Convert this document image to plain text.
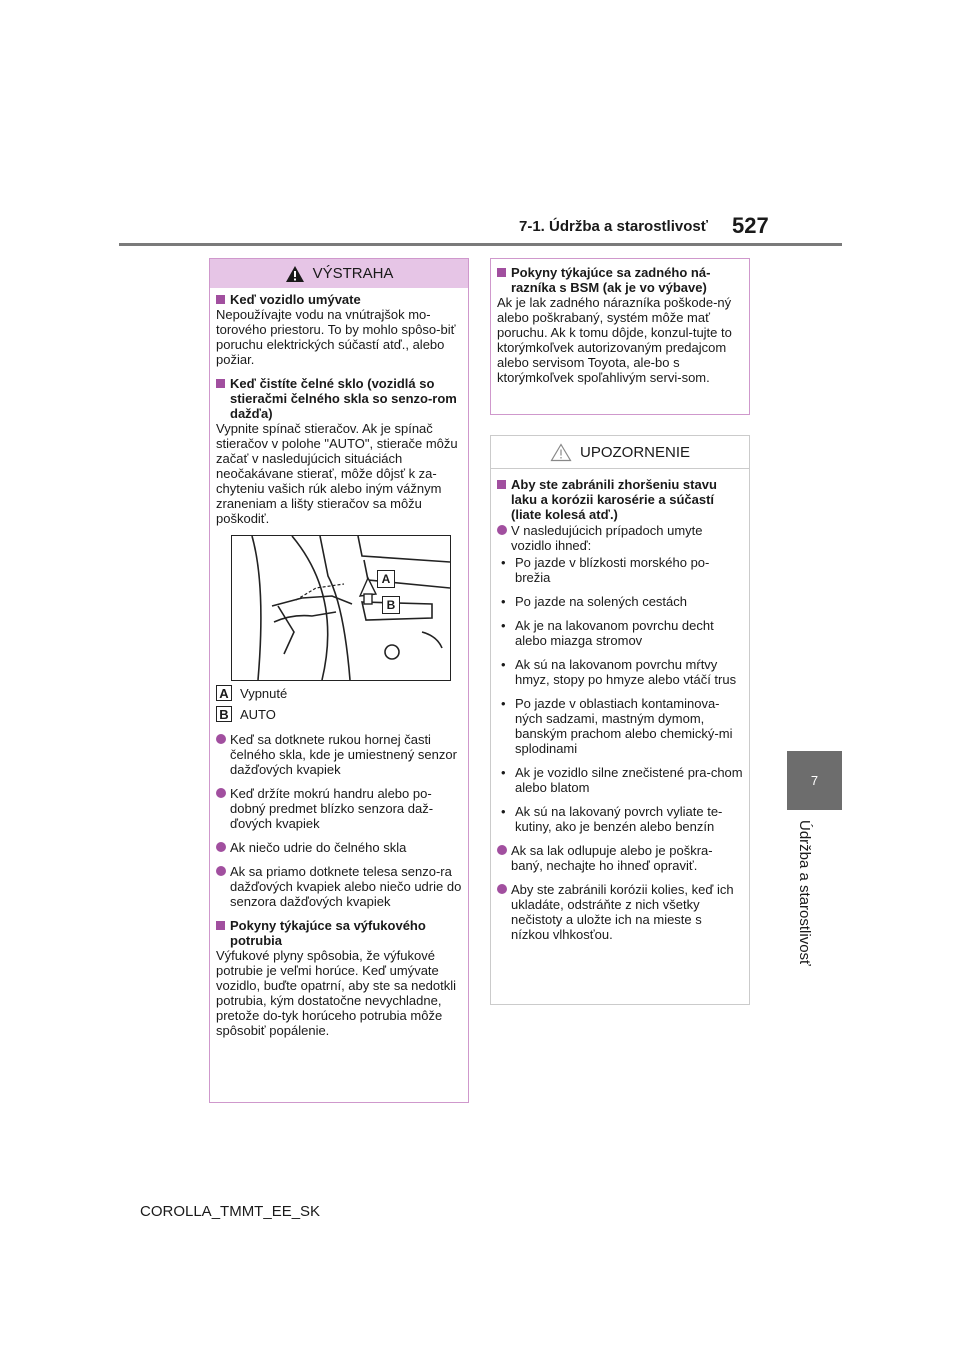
7-1. Údržba a starostlivosť 527
7
Údržba a starostlivosť
VÝSTRAHA
Keď vozidlo umývate

Nepoužívajte vodu na vnútrajšok mo-torového priestoru. To by mohlo spôso-biť poruchu elektrických súčastí atď., alebo požiar.

Keď čistíte čelné sklo (vozidlá so stieračmi čelného skla so senzo-rom dažďa)

Vypnite spínač stieračov. Ak je spínač stieračov v polohe "AUTO", stierače môžu začať v nasledujúcich situáciách neočakávane stierať, môže dôjsť k za-chyteniu vašich rúk alebo iným vážnym zraneniam a lišty stieračov sa môžu poškodiť.

A
B
A Vypnuté
B AUTO
Keď sa dotknete rukou hornej časti čelného skla, kde je umiestnený senzor dažďových kvapiek
Keď držíte mokrú handru alebo po-dobný predmet blízko senzora daž-ďových kvapiek
Ak niečo udrie do čelného skla
Ak sa priamo dotknete telesa senzo-ra dažďových kvapiek alebo niečo udrie do senzora dažďových kvapiek
Pokyny týkajúce sa výfukového potrubia

Výfukové plyny spôsobia, že výfukové potrubie je veľmi horúce. Keď umývate vozidlo, buďte opatrní, aby ste sa nedotkli potrubia, kým dostatočne nevychladne, pretože do-tyk horúceho potrubia môže spôsobiť popálenie.

Pokyny týkajúce sa zadného ná-razníka s BSM (ak je vo výbave)

Ak je lak zadného nárazníka poškode-ný alebo poškrabaný, systém môže mať poruchu. Ak k tomu dôjde, konzul-tujte to ktorýmkoľvek autorizovaným predajcom alebo servisom Toyota, ale-bo s ktorýmkoľvek spoľahlivým servi-som.

UPOZORNENIE
Aby ste zabránili zhoršeniu stavu laku a korózii karosérie a súčastí (liate kolesá atď.)
V nasledujúcich prípadoch umyte vozidlo ihneď:
• Po jazde v blízkosti morského po-brežia
• Po jazde na solených cestách
• Ak je na lakovanom povrchu decht alebo miazga stromov
• Ak sú na lakovanom povrchu mŕtvy hmyz, stopy po hmyze alebo vtáčí trus
• Po jazde v oblastiach kontaminova-ných sadzami, mastným dymom, banským prachom alebo chemický-mi splodinami
• Ak je vozidlo silne znečistené pra-chom alebo blatom
• Ak sú na lakovaný povrch vyliate te-kutiny, ako je benzén alebo benzín
Ak sa lak odlupuje alebo je poškra-baný, nechajte ho ihneď opraviť.
Aby ste zabránili korózii kolies, keď ich ukladáte, odstráňte z nich všetky nečistoty a uložte ich na mieste s nízkou vlhkosťou.
COROLLA_TMMT_EE_SK
